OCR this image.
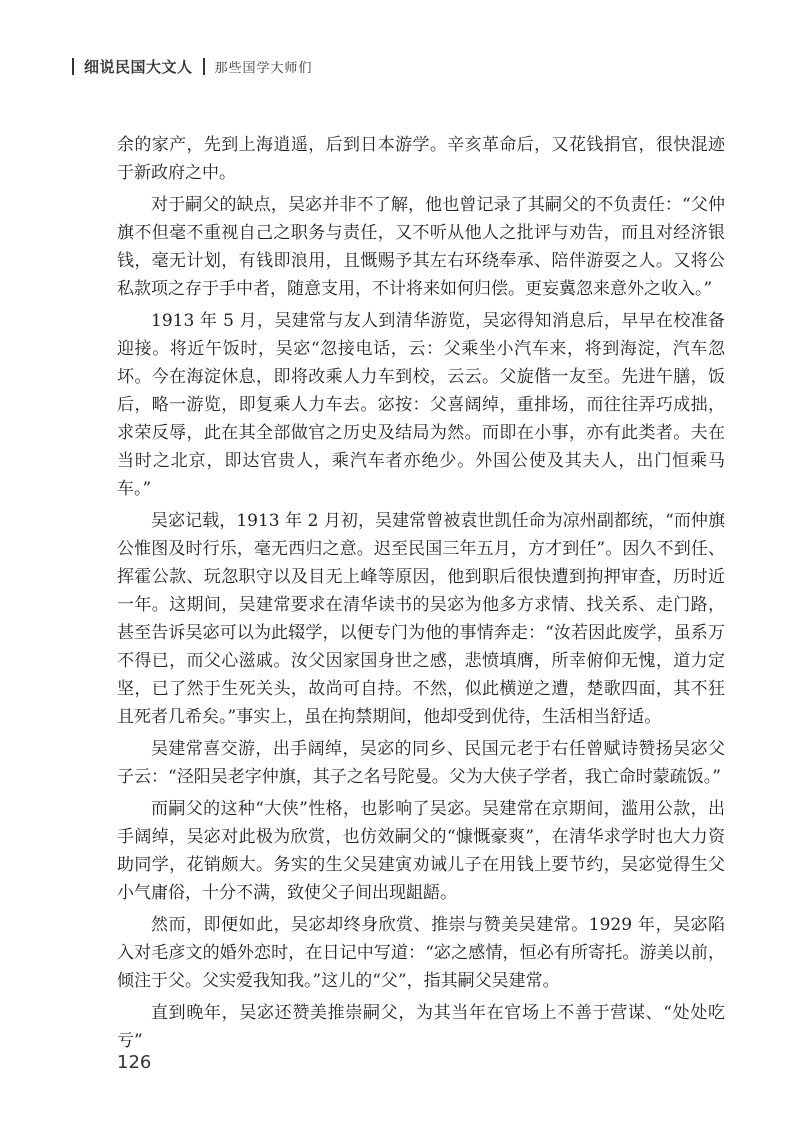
细说民国大文人 那些国学大师们

余的家产，先到上海逍遥，后到日本游学。辛亥革命后，又花钱捐官，很快混迹于新政府之中。

对于嗣父的缺点，吴宓并非不了解，他也曾记录了其嗣父的不负责任：“父仲旗不但毫不重视自己之职务与责任，又不听从他人之批评与劝告，而且对经济银钱，毫无计划，有钱即浪用，且慨赐予其左右环绕奉承、陪伴游耍之人。又将公私款项之存于手中者，随意支用，不计将来如何归偿。更妄冀忽来意外之收入。”

1913 年 5 月，吴建常与友人到清华游览，吴宓得知消息后，早早在校准备迎接。将近午饭时，吴宓“忽接电话，云：父乘坐小汽车来，将到海淀，汽车忽坏。今在海淀休息，即将改乘人力车到校，云云。父旋偕一友至。先进午膳，饭后，略一游览，即复乘人力车去。宓按：父喜阔绰，重排场，而往往弄巧成拙，求荣反辱，此在其全部做官之历史及结局为然。而即在小事，亦有此类者。夫在当时之北京，即达官贵人，乘汽车者亦绝少。外国公使及其夫人，出门恒乘马车。”

吴宓记载，1913 年 2 月初，吴建常曾被袁世凯任命为凉州副都统，“而仲旗公惟图及时行乐，毫无西归之意。迟至民国三年五月，方才到任”。因久不到任、挥霍公款、玩忽职守以及目无上峰等原因，他到职后很快遭到拘押审查，历时近一年。这期间，吴建常要求在清华读书的吴宓为他多方求情、找关系、走门路，甚至告诉吴宓可以为此辍学，以便专门为他的事情奔走：“汝若因此废学，虽系万不得已，而父心滋戚。汝父因家国身世之感，悲愤填膺，所幸俯仰无愧，道力定坚，已了然于生死关头，故尚可自持。不然，似此横逆之遭，楚歌四面，其不狂且死者几希矣。”事实上，虽在拘禁期间，他却受到优待，生活相当舒适。

吴建常喜交游，出手阔绰，吴宓的同乡、民国元老于右任曾赋诗赞扬吴宓父子云：“泾阳吴老字仲旗，其子之名号陀曼。父为大侠子学者，我亡命时蒙疏饭。”

而嗣父的这种“大侠”性格，也影响了吴宓。吴建常在京期间，滥用公款，出手阔绰，吴宓对此极为欣赏，也仿效嗣父的“慷慨豪爽”，在清华求学时也大力资助同学，花销颇大。务实的生父吴建寅劝诫儿子在用钱上要节约，吴宓觉得生父小气庸俗，十分不满，致使父子间出现龃龉。

然而，即便如此，吴宓却终身欣赏、推崇与赞美吴建常。1929 年，吴宓陷入对毛彦文的婚外恋时，在日记中写道：“宓之感情，恒必有所寄托。游美以前，倾注于父。父实爱我知我。”这儿的“父”，指其嗣父吴建常。

直到晚年，吴宓还赞美推崇嗣父，为其当年在官场上不善于营谋、“处处吃亏”

126
